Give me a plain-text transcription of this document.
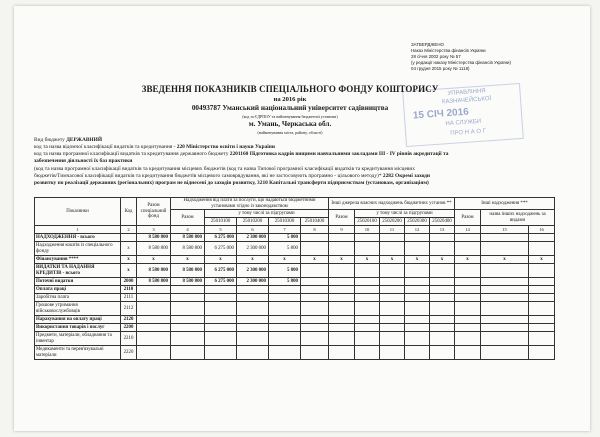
ЗАТВЕРДЖЕНО
Наказ Міністерства фінансів України
28 січня 2002 року № 57
(у редакції наказу Міністерства фінансів України)
04 грудня 2015 року № 1118)
УПРАВЛІННЯ
КАЗНАЧЕЙСЬКОЇ
15 СІЧ 2016
НА СЛУЖБИ
ПРО Н А О Г
ЗВЕДЕННЯ ПОКАЗНИКІВ СПЕЦІАЛЬНОГО ФОНДУ КОШТОРИСУ
на 2016 рік
00493787 Уманський національний університет садівництва
(код за ЄДРПОУ та найменування бюджетної установи)
м. Умань, Черкаська обл.
(найменування міста, району, області)
Вид бюджету ДЕРЖАВНИЙ
код та назва відомчої класифікації видатків та кредитування - 220 Міністерство освіти і науки України
код та назва програмної класифікації видатків та кредитування державного бюджету 2201160 Підготовка кадрів вищими навчальними закладами ІІІ - IV рівнів акредитації та
забезпечення діяльності їх баз практики
(код та назва програмної класифікації видатків та кредитування місцевих бюджетів (код та назва Типової програмної класифікації видатків та кредитування місцевих
бюджетів/Тимчасової класифікації видатків та кредитування бюджетів місцевого самоврядування, які не застосовують програмно - цільового методу)* 2282 Окремі заходи
розвитку по реалізації державних (регіональних) програм не віднесені до заходів розвитку, 3210 Капітальні трансферти підприємствам (установам, організаціям)
Показники	Код	Разом спеціальний фонд	Надходження від плати за послуги, що надаються бюджетними установами згідно із законодавством					Інші джерела власних надходжень бюджетних установ **					Інші надходження ***		
			Разом	у тому числі за підгрупами				Разом	у тому числі за підгрупами				Разом	назва інших надходжень за видами	
				25010100	25010200	25010300	25010400		25020100	25020200	25020300	25020400			
1	2	3	4	5	6	7	8	9	10	11	12	13	14	15	16
НАДХОДЖЕННЯ - всього		8 580 800	8 580 800	6 275 000	2 300 000	5 800									
Надходження коштів із спеціального фонду	х	8 580 800	8 580 800	6 275 000	2 300 000	5 800									
Фінансування ****	х	х	х	х	х	х	х	х	х	х	х	х	х	х	х
ВИДАТКИ ТА НАДАННЯ КРЕДИТІВ - всього	х	8 580 800	8 580 800	6 275 000	2 300 000	5 800									
Поточні видатки	2000	8 580 800	8 580 800	6 275 000	2 300 000	5 800									
Оплата праці	2110														
Заробітна плата	2111														
Грошове утримання військовослужбовців	2112														
Нарахування на оплату праці	2120														
Використання товарів і послуг	2200														
Предмети, матеріали, обладнання та інвентар	2210														
Медикаменти та перев'язувальні матеріали	2220														
